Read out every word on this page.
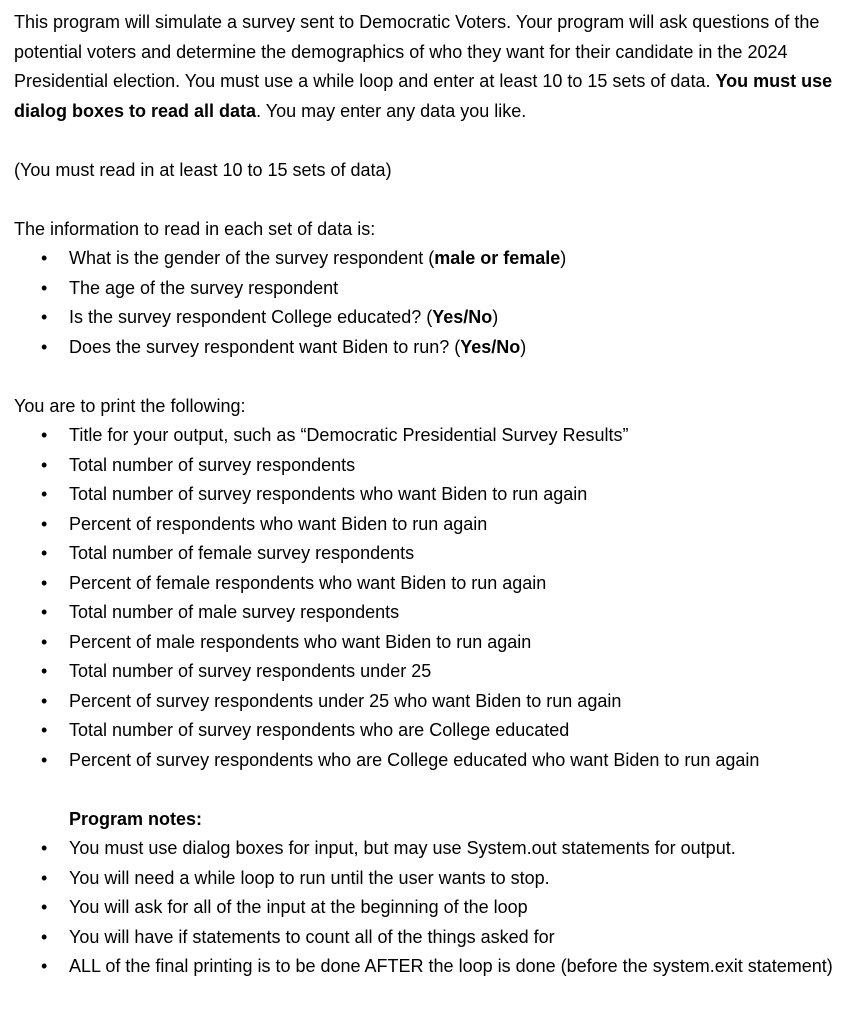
This program will simulate a survey sent to Democratic Voters. Your program will ask questions of the potential voters and determine the demographics of who they want for their candidate in the 2024 Presidential election. You must use a while loop and enter at least 10 to 15 sets of data. You must use dialog boxes to read all data. You may enter any data you like.

(You must read in at least 10 to 15 sets of data)

The information to read in each set of data is:

•	What is the gender of the survey respondent (male or female)
•	The age of the survey respondent
•	Is the survey respondent College educated? (Yes/No)
•	Does the survey respondent want Biden to run? (Yes/No)

You are to print the following:

•	Title for your output, such as “Democratic Presidential Survey Results”
•	Total number of survey respondents
•	Total number of survey respondents who want Biden to run again
•	Percent of respondents who want Biden to run again
•	Total number of female survey respondents
•	Percent of female respondents who want Biden to run again
•	Total number of male survey respondents
•	Percent of male respondents who want Biden to run again
•	Total number of survey respondents under 25
•	Percent of survey respondents under 25 who want Biden to run again
•	Total number of survey respondents who are College educated
•	Percent of survey respondents who are College educated who want Biden to run again

Program notes:

•	You must use dialog boxes for input, but may use System.out statements for output.
•	You will need a while loop to run until the user wants to stop.
•	You will ask for all of the input at the beginning of the loop
•	You will have if statements to count all of the things asked for
•	ALL of the final printing is to be done AFTER the loop is done (before the system.exit statement)
